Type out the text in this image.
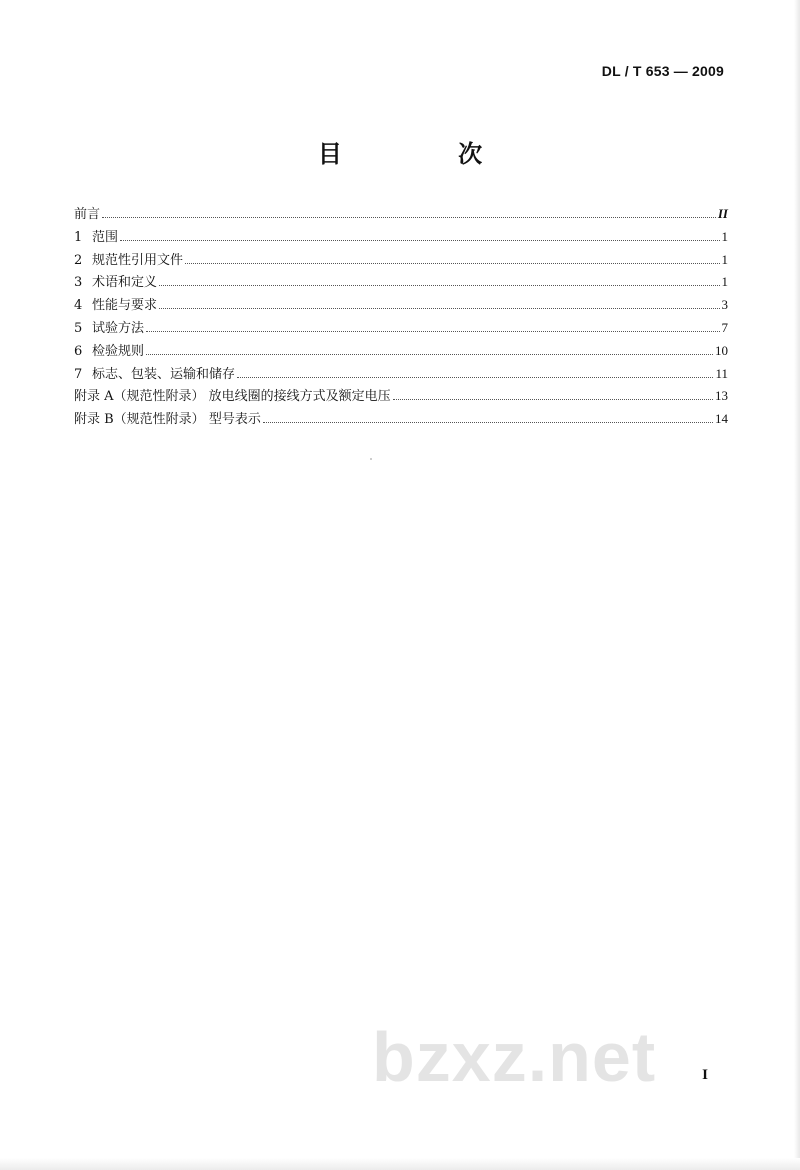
DL / T 653 — 2009
目 次
前言	II
1 范围	1
2 规范性引用文件	1
3 术语和定义	1
4 性能与要求	3
5 试验方法	7
6 检验规则	10
7 标志、包装、运输和储存	11
附录 A（规范性附录） 放电线圈的接线方式及额定电压	13
附录 B（规范性附录） 型号表示	14
bzxz.net	I
